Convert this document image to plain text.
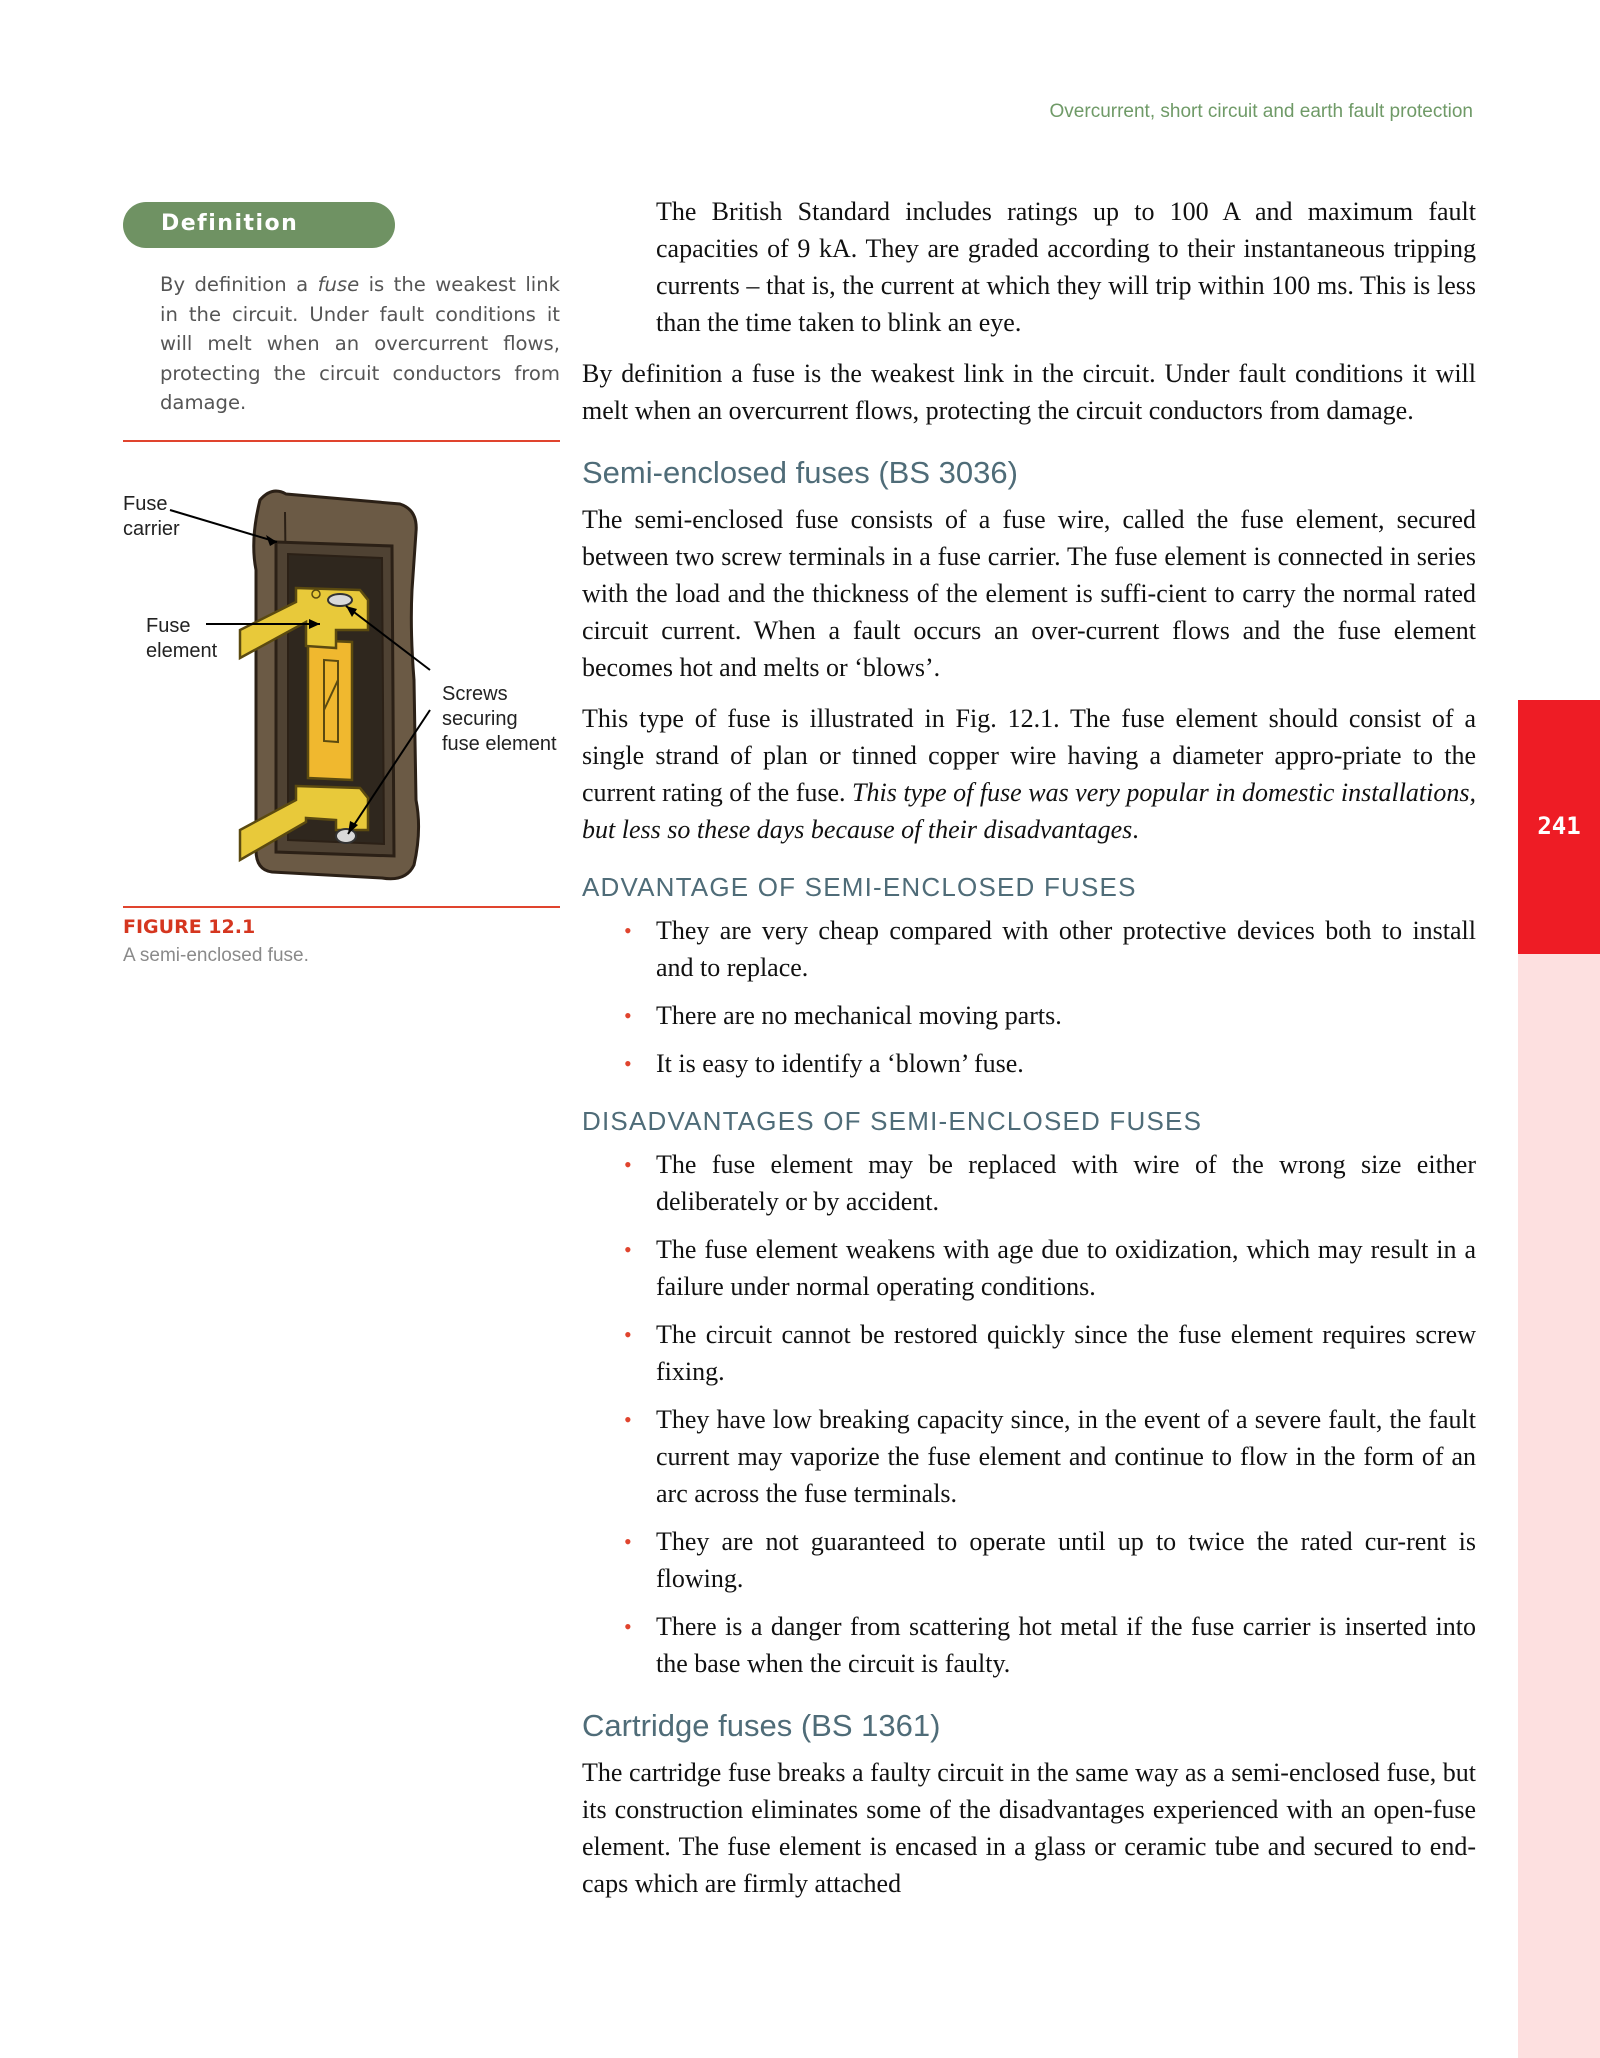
Overcurrent, short circuit and earth fault protection
241
Definition
By definition a fuse is the weakest link in the circuit. Under fault conditions it will melt when an overcurrent flows, protecting the circuit conductors from damage.
Fuse
carrier
Fuse
element
Screws
securing
fuse element
FIGURE 12.1
A semi-enclosed fuse.

The British Standard includes ratings up to 100 A and maximum fault capacities of 9 kA. They are graded according to their instantaneous tripping currents – that is, the current at which they will trip within 100 ms. This is less than the time taken to blink an eye.

By definition a fuse is the weakest link in the circuit. Under fault conditions it will melt when an overcurrent flows, protecting the circuit conductors from damage.

Semi-enclosed fuses (BS 3036)

The semi-enclosed fuse consists of a fuse wire, called the fuse element, secured between two screw terminals in a fuse carrier. The fuse element is connected in series with the load and the thickness of the element is suffi-cient to carry the normal rated circuit current. When a fault occurs an over-current flows and the fuse element becomes hot and melts or ‘blows’.

This type of fuse is illustrated in Fig. 12.1. The fuse element should consist of a single strand of plan or tinned copper wire having a diameter appro-priate to the current rating of the fuse. This type of fuse was very popular in domestic installations, but less so these days because of their disadvantages.

ADVANTAGE OF SEMI-ENCLOSED FUSES
• They are very cheap compared with other protective devices both to install and to replace.
• There are no mechanical moving parts.
• It is easy to identify a ‘blown’ fuse.
DISADVANTAGES OF SEMI-ENCLOSED FUSES
• The fuse element may be replaced with wire of the wrong size either deliberately or by accident.
• The fuse element weakens with age due to oxidization, which may result in a failure under normal operating conditions.
• The circuit cannot be restored quickly since the fuse element requires screw fixing.
• They have low breaking capacity since, in the event of a severe fault, the fault current may vaporize the fuse element and continue to flow in the form of an arc across the fuse terminals.
• They are not guaranteed to operate until up to twice the rated cur-rent is flowing.
• There is a danger from scattering hot metal if the fuse carrier is inserted into the base when the circuit is faulty.
Cartridge fuses (BS 1361)

The cartridge fuse breaks a faulty circuit in the same way as a semi-enclosed fuse, but its construction eliminates some of the disadvantages experienced with an open-fuse element. The fuse element is encased in a glass or ceramic tube and secured to end-caps which are firmly attached
